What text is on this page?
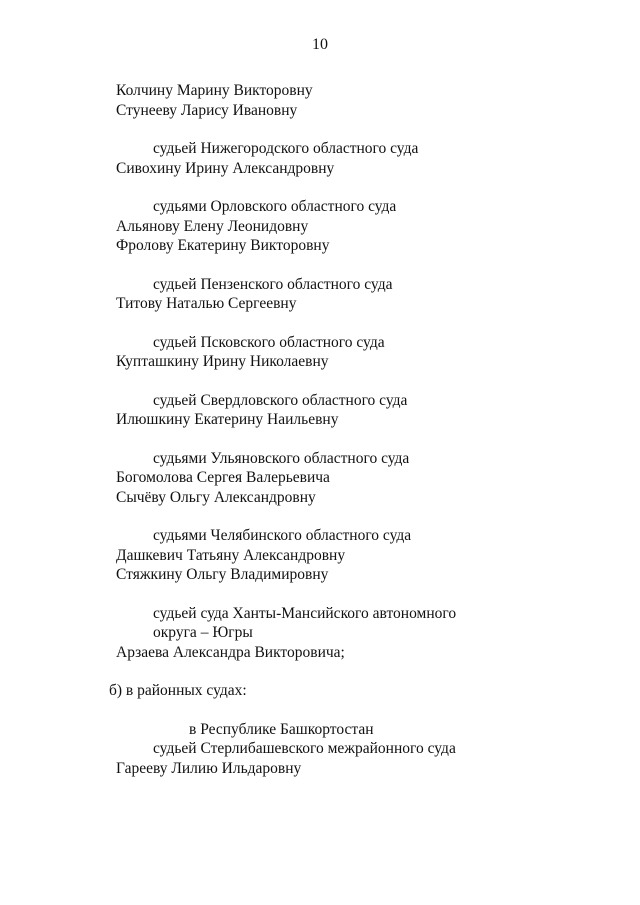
10
Колчину Марину Викторовну
Стунееву Ларису Ивановну
судьей Нижегородского областного суда
Сивохину Ирину Александровну
судьями Орловского областного суда
Альянову Елену Леонидовну
Фролову Екатерину Викторовну
судьей Пензенского областного суда
Титову Наталью Сергеевну
судьей Псковского областного суда
Купташкину Ирину Николаевну
судьей Свердловского областного суда
Илюшкину Екатерину Наильевну
судьями Ульяновского областного суда
Богомолова Сергея Валерьевича
Сычёву Ольгу Александровну
судьями Челябинского областного суда
Дашкевич Татьяну Александровну
Стяжкину Ольгу Владимировну
судьей суда Ханты-Мансийского автономного
округа – Югры
Арзаева Александра Викторовича;
б) в районных судах:
в Республике Башкортостан
судьей Стерлибашевского межрайонного суда
Гарееву Лилию Ильдаровну
